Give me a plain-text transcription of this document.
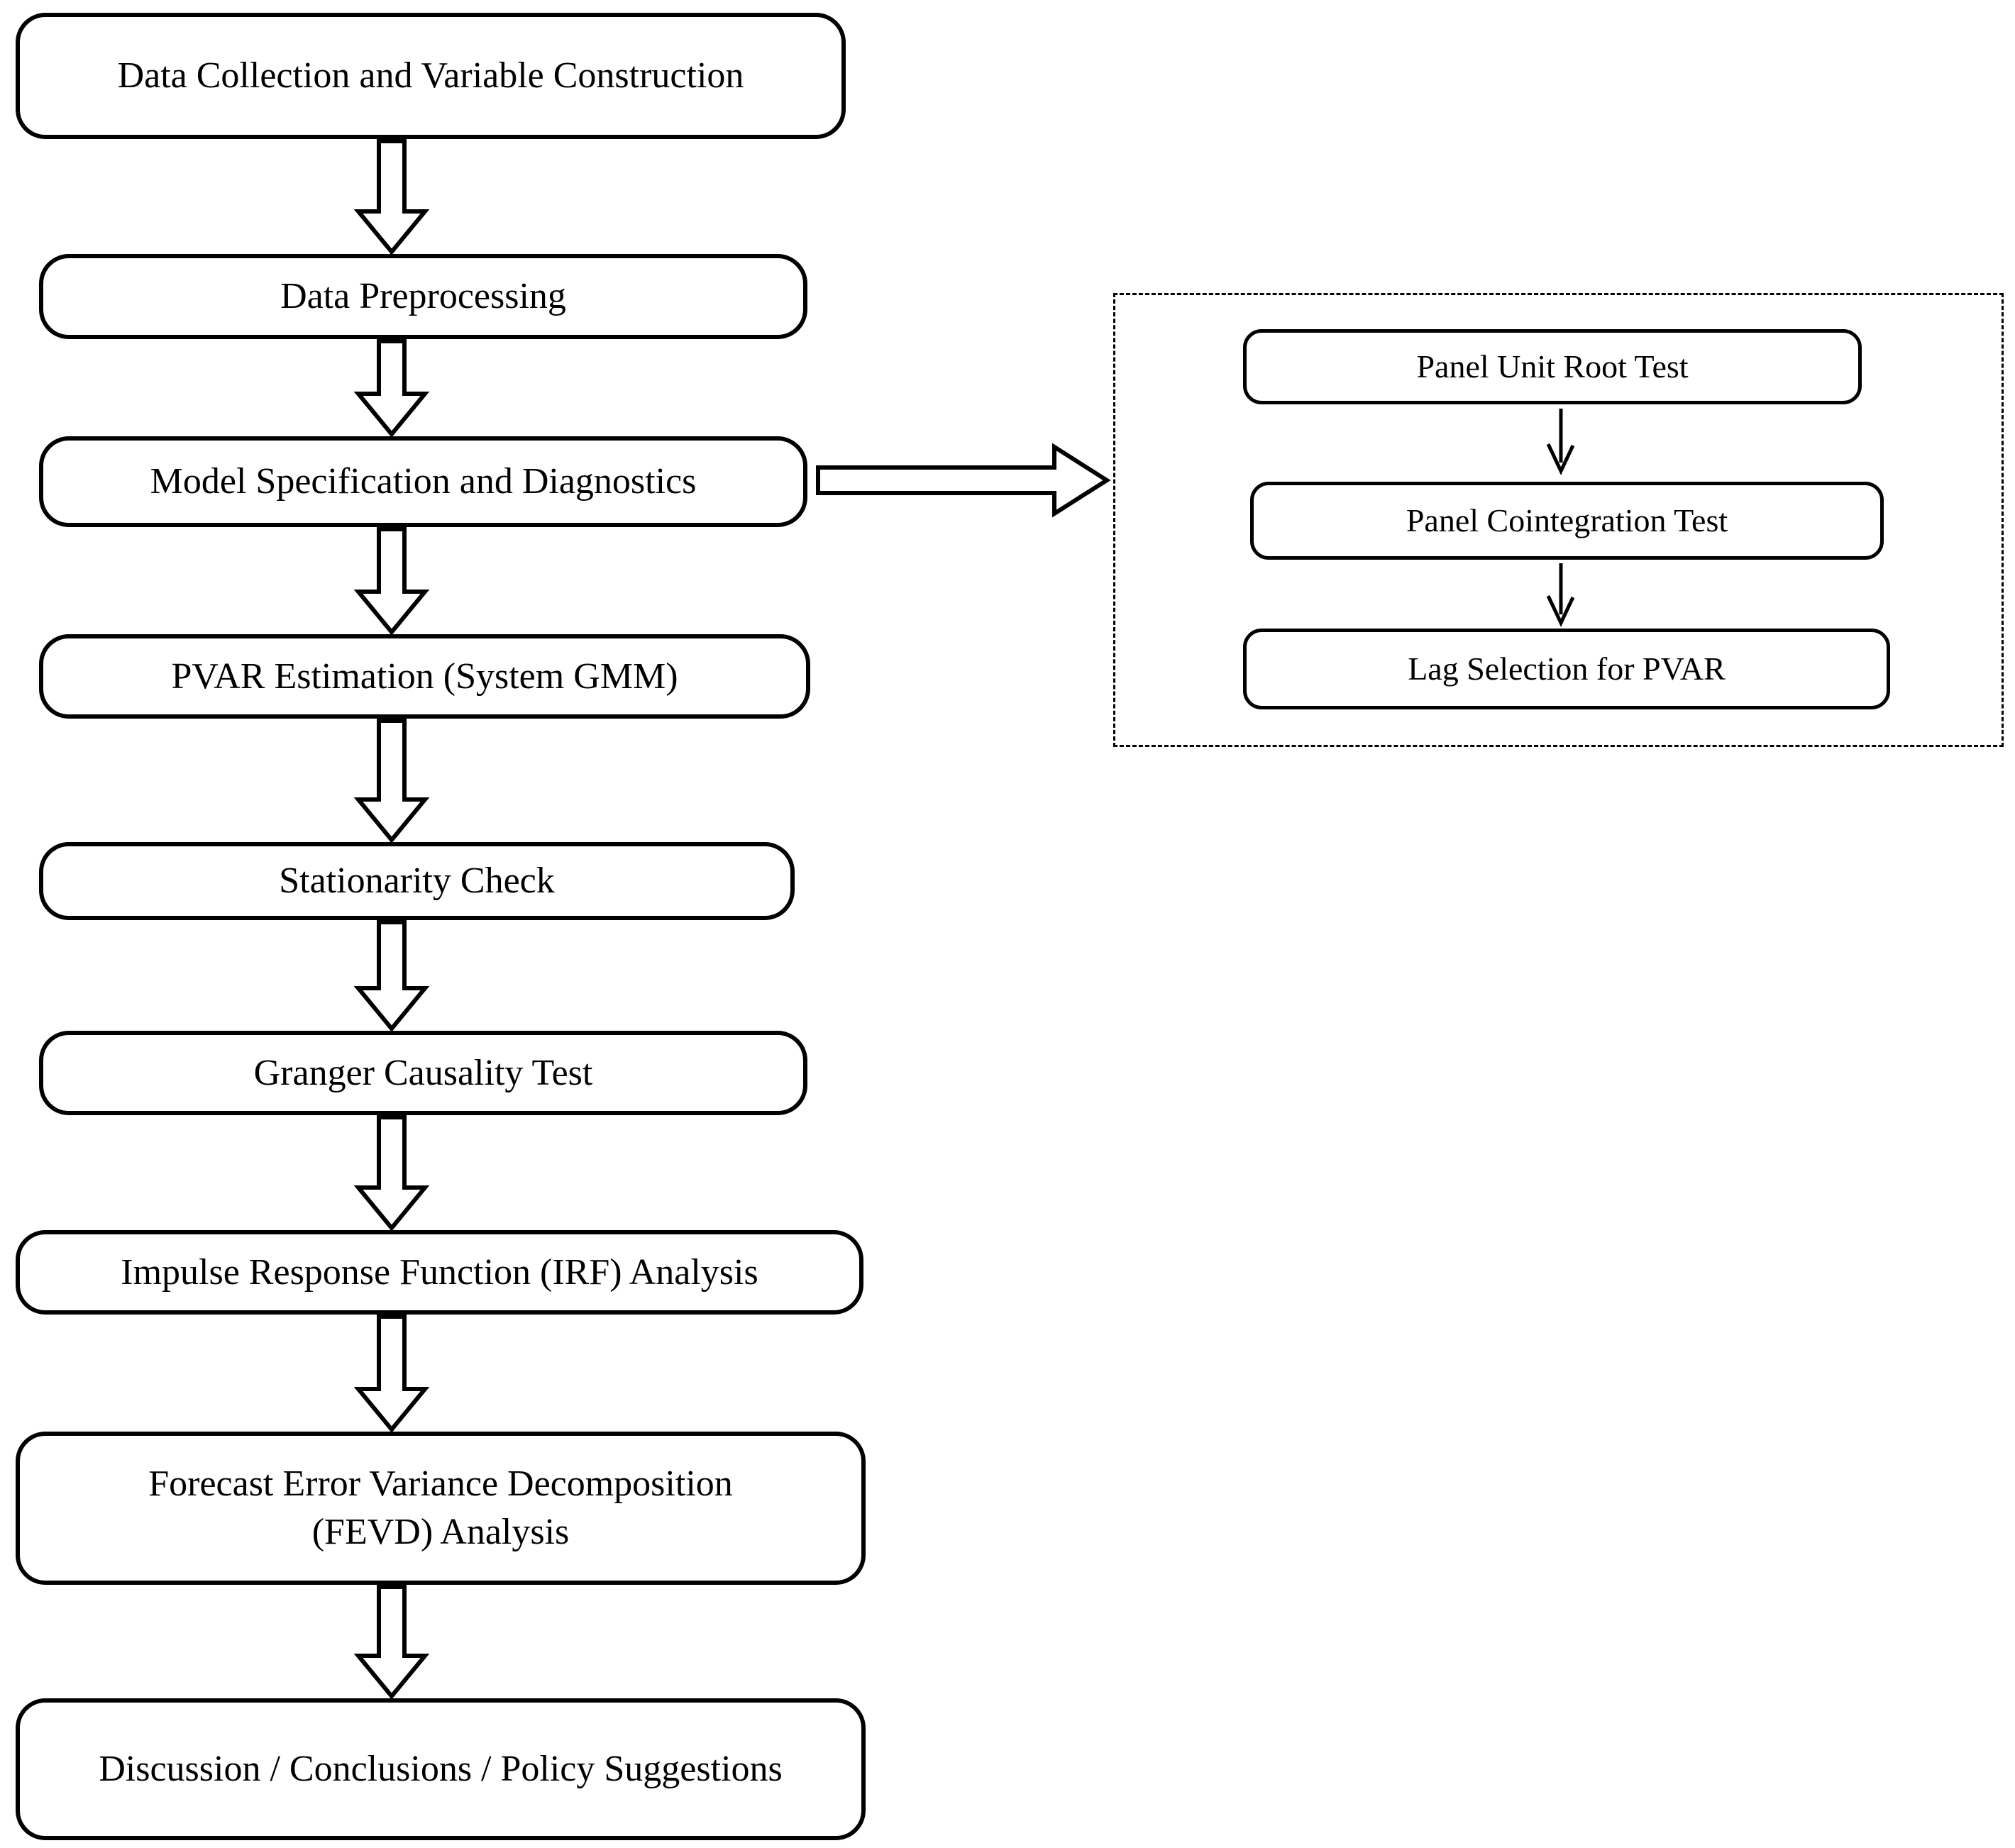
Data Collection and Variable Construction
Data Preprocessing
Model Specification and Diagnostics
PVAR Estimation (System GMM)
Stationarity Check
Granger Causality Test
Impulse Response Function (IRF) Analysis
Forecast Error Variance Decomposition (FEVD) Analysis
Discussion / Conclusions / Policy Suggestions
Panel Unit Root Test
Panel Cointegration Test
Lag Selection for PVAR
